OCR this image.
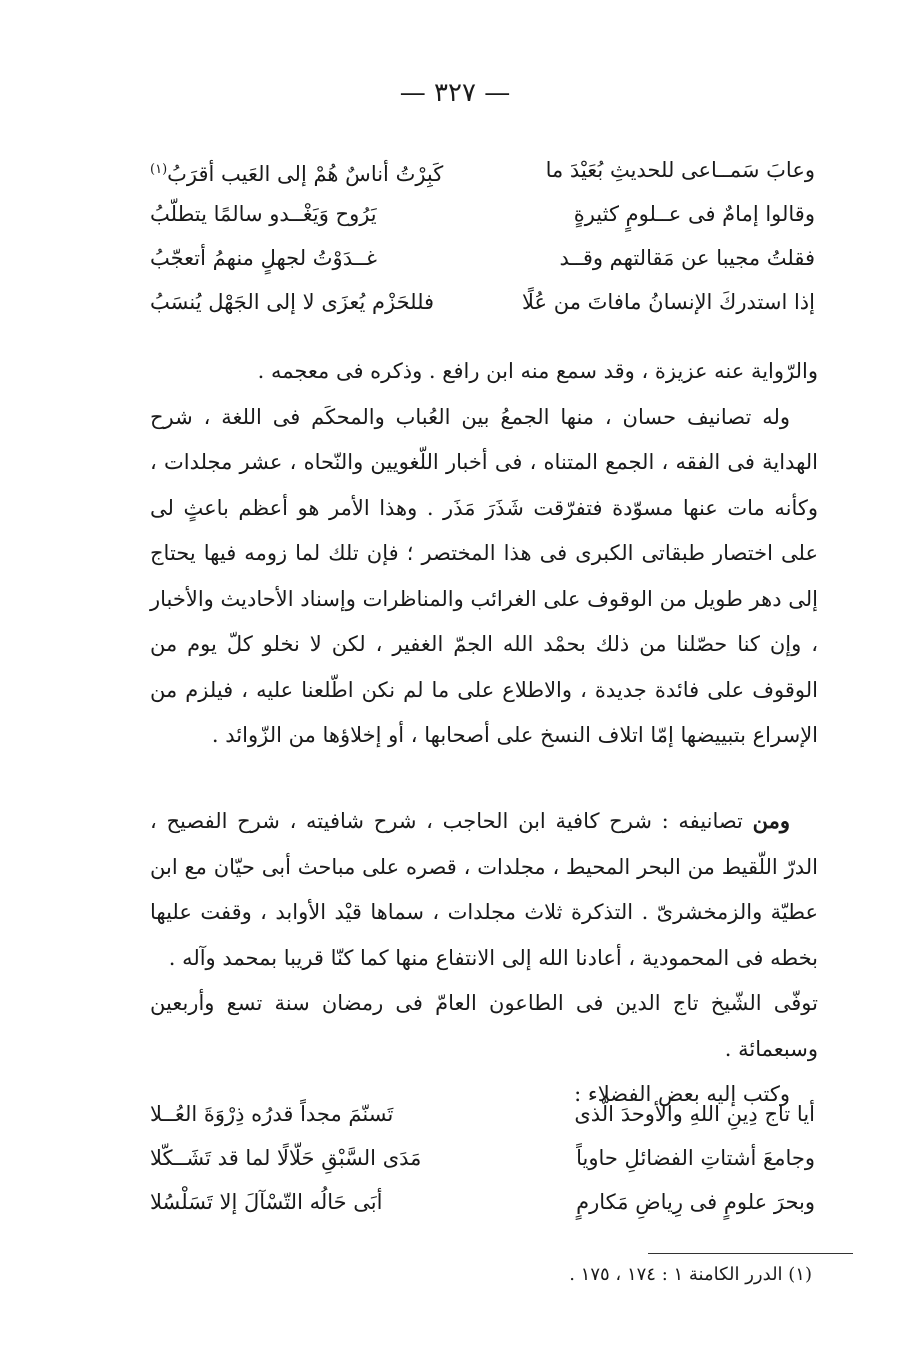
— ٣٢٧ —
وعابَ سَمــاعى للحديثِ بُعَيْدَ ما
كَبِرْتُ أناسٌ هُمْ إلى العَيب أقرَبُ$^{(١)}$
وقالوا إمامٌ فى عــلومٍ كثيرةٍ
يَرُوح وَيَغْــدو سالمًا يتطلّبُ
فقلتُ مجيبا عن مَقالتهم وقــد
غــدَوْتُ لجهلٍ منهمُ أتعجّبُ
إذا استدركَ الإنسانُ مافاتَ من عُلًا
فللحَزْم يُعزَى لا إلى الجَهْل يُنسَبُ

والرّواية عنه عزيزة ، وقد سمع منه ابن رافع . وذكره فى معجمه .

وله تصانيف حسان ، منها الجمعُ بين العُباب والمحكَم فى اللغة ، شرح الهداية فى الفقه ، الجمع المتناه ، فى أخبار اللّغويين والنّحاه ، عشر مجلدات ، وكأنه مات عنها مسوّدة فتفرّقت شَذَرَ مَذَر . وهذا الأمر هو أعظم باعثٍ لى على اختصار طبقاتى الكبرى فى هذا المختصر ؛ فإن تلك لما زومه فيها يحتاج إلى دهر طويل من الوقوف على الغرائب والمناظرات وإسناد الأحاديث والأخبار ، وإن كنا حصّلنا من ذلك بحمْد الله الجمّ الغفير ، لكن لا نخلو كلّ يوم من الوقوف على فائدة جديدة ، والاطلاع على ما لم نكن اطّلعنا عليه ، فيلزم من الإسراع بتبييضها إمّا اتلاف النسخ على أصحابها ، أو إخلاؤها من الزّوائد .

ومن تصانيفه : شرح كافية ابن الحاجب ، شرح شافيته ، شرح الفصيح ، الدرّ اللّقيط من البحر المحيط ، مجلدات ، قصره على مباحث أبى حيّان مع ابن عطيّة والزمخشرىّ . التذكرة ثلاث مجلدات ، سماها قيْد الأوابد ، وقفت عليها بخطه فى المحمودية ، أعادنا الله إلى الانتفاع منها كما كنّا قريبا بمحمد وآله .

توفّى الشّيخ تاج الدين فى الطاعون العامّ فى رمضان سنة تسع وأربعين وسبعمائة .

وكتب إليه بعض الفضلاء :

أيا تاج دِينِ اللهِ والأوحدَ الّذى
تَسنّمَ مجداً قدرُه ذِرْوَةَ العُــلا
وجامعَ أشتاتِ الفضائلِ حاوياً
مَدَى السَّبْقِ حَلّالًا لما قد تَشَــكّلا
وبحرَ علومٍ فى رِياضِ مَكارمٍ
أبَى حَالُه التّسْآلَ إلا تَسَلْسُلا
(١) الدرر الكامنة ١ : ١٧٤ ، ١٧٥ .
